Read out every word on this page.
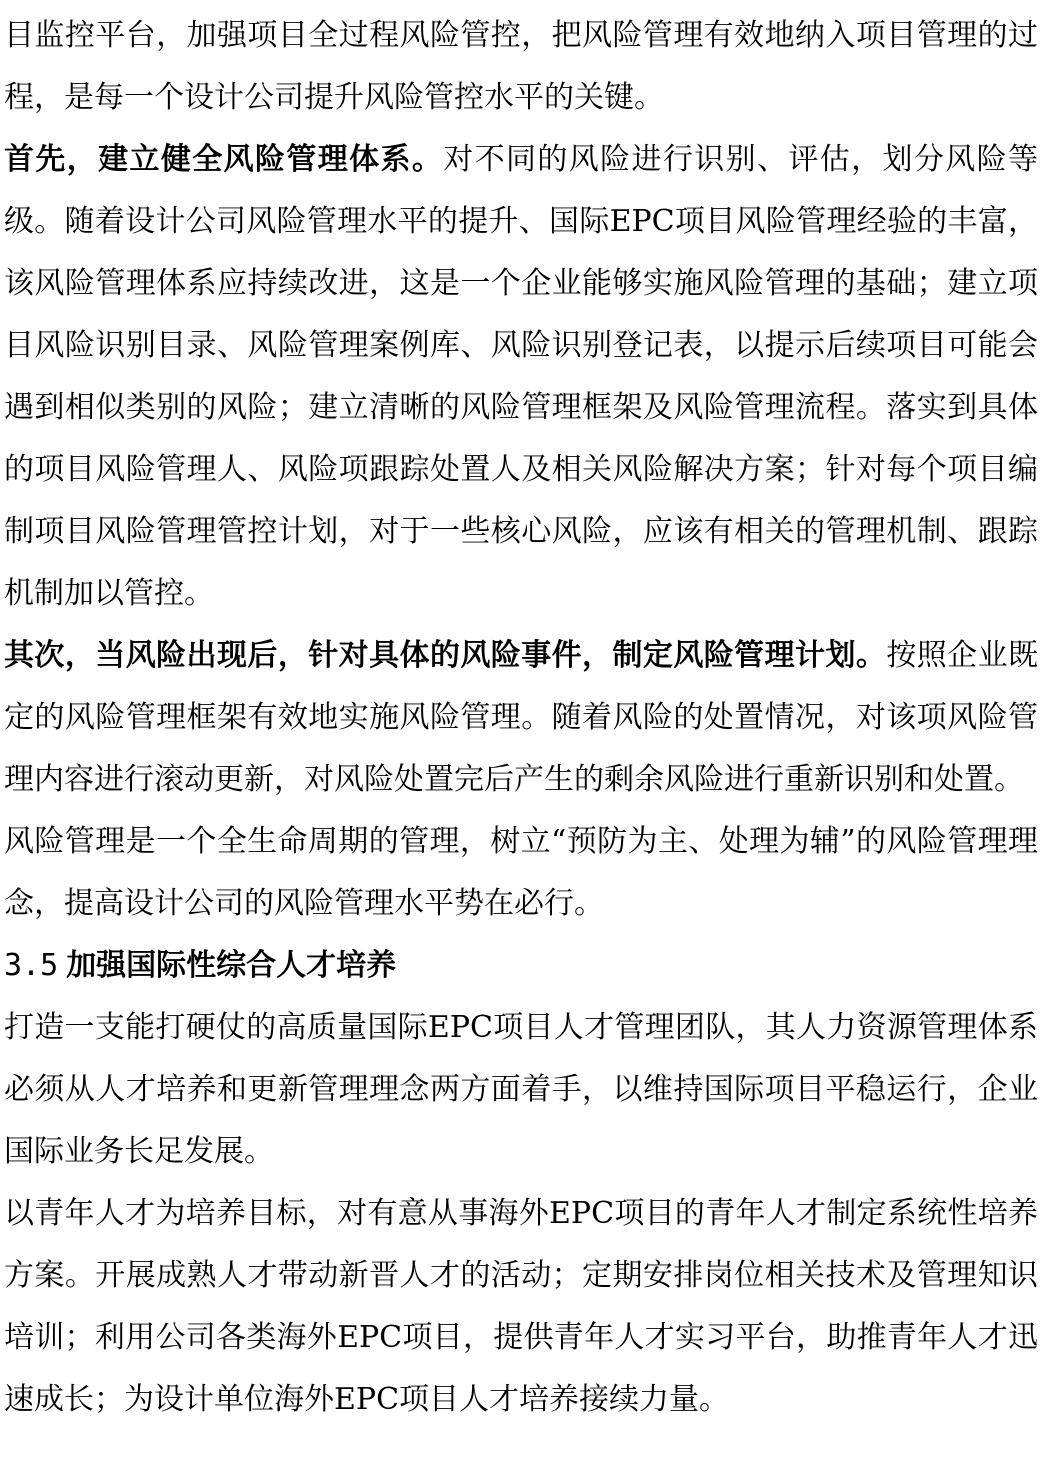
目监控平台，加强项目全过程风险管控，把风险管理有效地纳入项目管理的过程，是每一个设计公司提升风险管控水平的关键。

首先，建立健全风险管理体系。对不同的风险进行识别、评估，划分风险等级。随着设计公司风险管理水平的提升、国际EPC项目风险管理经验的丰富，该风险管理体系应持续改进，这是一个企业能够实施风险管理的基础；建立项目风险识别目录、风险管理案例库、风险识别登记表，以提示后续项目可能会遇到相似类别的风险；建立清晰的风险管理框架及风险管理流程。落实到具体的项目风险管理人、风险项跟踪处置人及相关风险解决方案；针对每个项目编制项目风险管理管控计划，对于一些核心风险，应该有相关的管理机制、跟踪机制加以管控。

其次，当风险出现后，针对具体的风险事件，制定风险管理计划。按照企业既定的风险管理框架有效地实施风险管理。随着风险的处置情况，对该项风险管理内容进行滚动更新，对风险处置完后产生的剩余风险进行重新识别和处置。

风险管理是一个全生命周期的管理，树立“预防为主、处理为辅”的风险管理理念，提高设计公司的风险管理水平势在必行。

3.5 加强国际性综合人才培养

打造一支能打硬仗的高质量国际EPC项目人才管理团队，其人力资源管理体系必须从人才培养和更新管理理念两方面着手，以维持国际项目平稳运行，企业国际业务长足发展。

以青年人才为培养目标，对有意从事海外EPC项目的青年人才制定系统性培养方案。开展成熟人才带动新晋人才的活动；定期安排岗位相关技术及管理知识培训；利用公司各类海外EPC项目，提供青年人才实习平台，助推青年人才迅速成长；为设计单位海外EPC项目人才培养接续力量。
